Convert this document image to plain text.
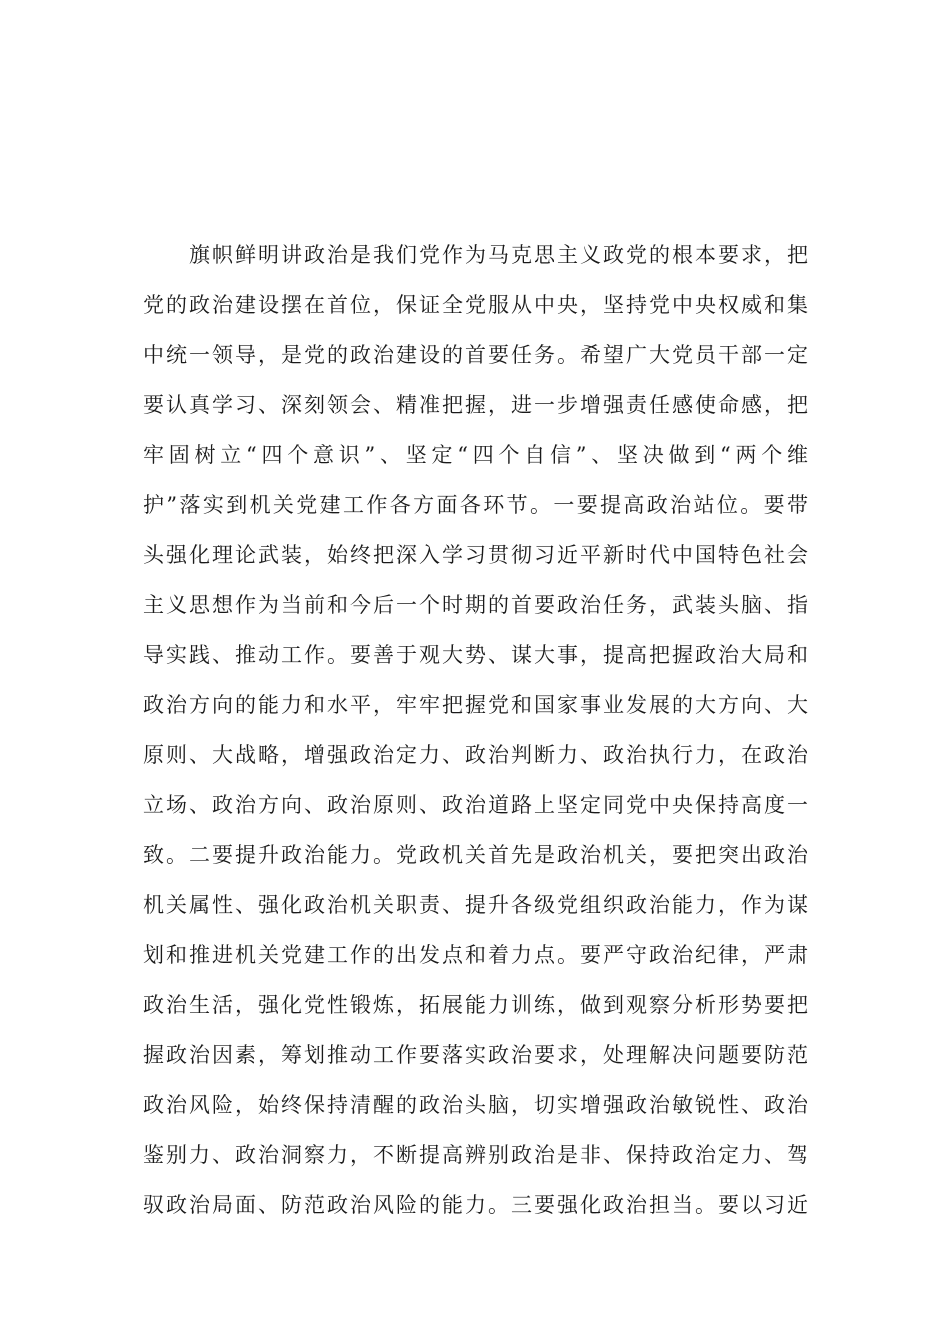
旗帜鲜明讲政治是我们党作为马克思主义政党的根本要求，把
党的政治建设摆在首位，保证全党服从中央，坚持党中央权威和集
中统一领导，是党的政治建设的首要任务。希望广大党员干部一定
要认真学习、深刻领会、精准把握，进一步增强责任感使命感，把
牢固树立“四个意识”、坚定“四个自信”、坚决做到“两个维
护”落实到机关党建工作各方面各环节。一要提高政治站位。要带
头强化理论武装，始终把深入学习贯彻习近平新时代中国特色社会
主义思想作为当前和今后一个时期的首要政治任务，武装头脑、指
导实践、推动工作。要善于观大势、谋大事，提高把握政治大局和
政治方向的能力和水平，牢牢把握党和国家事业发展的大方向、大
原则、大战略，增强政治定力、政治判断力、政治执行力，在政治
立场、政治方向、政治原则、政治道路上坚定同党中央保持高度一
致。二要提升政治能力。党政机关首先是政治机关，要把突出政治
机关属性、强化政治机关职责、提升各级党组织政治能力，作为谋
划和推进机关党建工作的出发点和着力点。要严守政治纪律，严肃
政治生活，强化党性锻炼，拓展能力训练，做到观察分析形势要把
握政治因素，筹划推动工作要落实政治要求，处理解决问题要防范
政治风险，始终保持清醒的政治头脑，切实增强政治敏锐性、政治
鉴别力、政治洞察力，不断提高辨别政治是非、保持政治定力、驾
驭政治局面、防范政治风险的能力。三要强化政治担当。要以习近
